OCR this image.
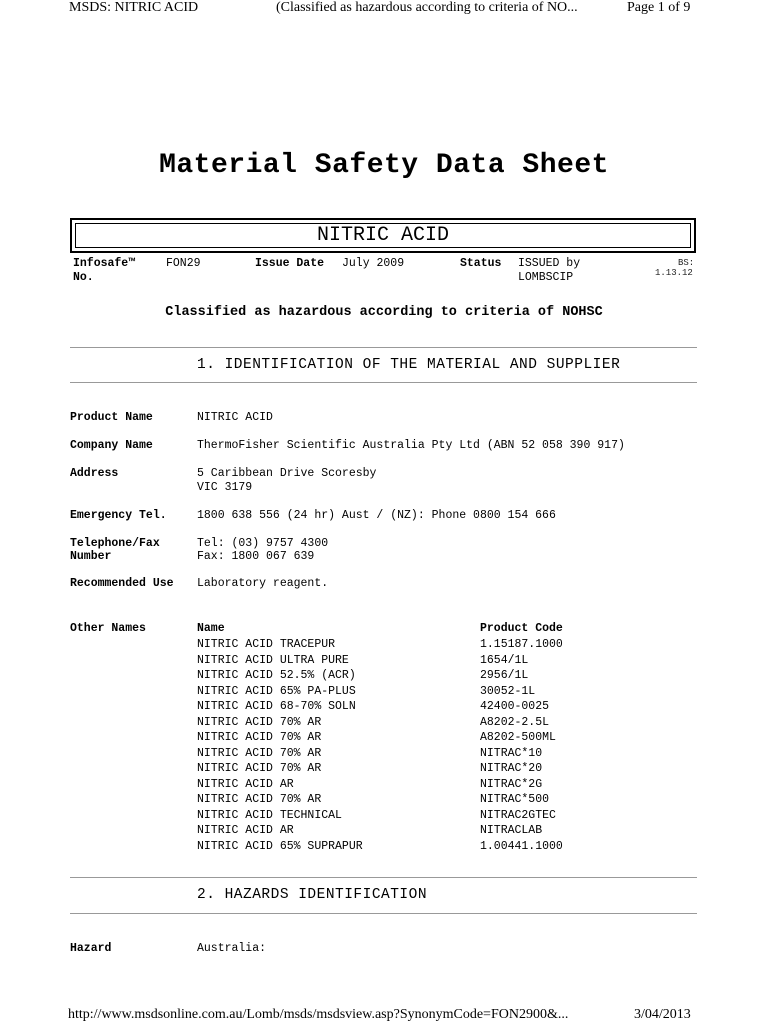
MSDS: NITRIC ACID	(Classified as hazardous according to criteria of NO...	Page 1 of 9
Material Safety Data Sheet
NITRIC ACID
Infosafe™
No.
FON29	Issue Date July 2009	Status ISSUED by
LOMBSCIP
BS:
1.13.12
Classified as hazardous according to criteria of NOHSC
1. IDENTIFICATION OF THE MATERIAL AND SUPPLIER
Product Name	NITRIC ACID
Company Name	ThermoFisher Scientific Australia Pty Ltd (ABN 52 058 390 917)
Address	5 Caribbean Drive Scoresby
VIC 3179
Emergency Tel.	1800 638 556 (24 hr) Aust / (NZ): Phone 0800 154 666
Telephone/Fax
Number
Tel: (03) 9757 4300
Fax: 1800 067 639
Recommended Use Laboratory reagent.
Other Names	Name	Product Code
NITRIC ACID TRACEPUR	1.15187.1000
NITRIC ACID ULTRA PURE	1654/1L
NITRIC ACID 52.5% (ACR)	2956/1L
NITRIC ACID 65% PA-PLUS	30052-1L
NITRIC ACID 68-70% SOLN	42400-0025
NITRIC ACID 70% AR	A8202-2.5L
NITRIC ACID 70% AR	A8202-500ML
NITRIC ACID 70% AR	NITRAC*10
NITRIC ACID 70% AR	NITRAC*20
NITRIC ACID AR	NITRAC*2G
NITRIC ACID 70% AR	NITRAC*500
NITRIC ACID TECHNICAL	NITRAC2GTEC
NITRIC ACID AR	NITRACLAB
NITRIC ACID 65% SUPRAPUR	1.00441.1000
2. HAZARDS IDENTIFICATION
Hazard	Australia:
http://www.msdsonline.com.au/Lomb/msds/msdsview.asp?SynonymCode=FON2900&...	3/04/2013
